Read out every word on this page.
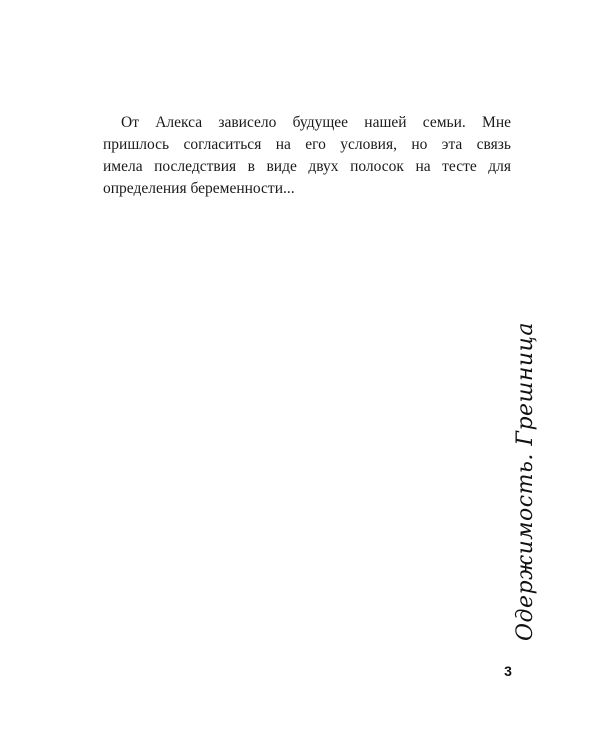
От Алекса зависело будущее нашей семьи. Мне
пришлось согласиться на его условия, но эта связь
имела последствия в виде двух полосок на тесте для
определения беременности...

Одержимость. Грешница
3
